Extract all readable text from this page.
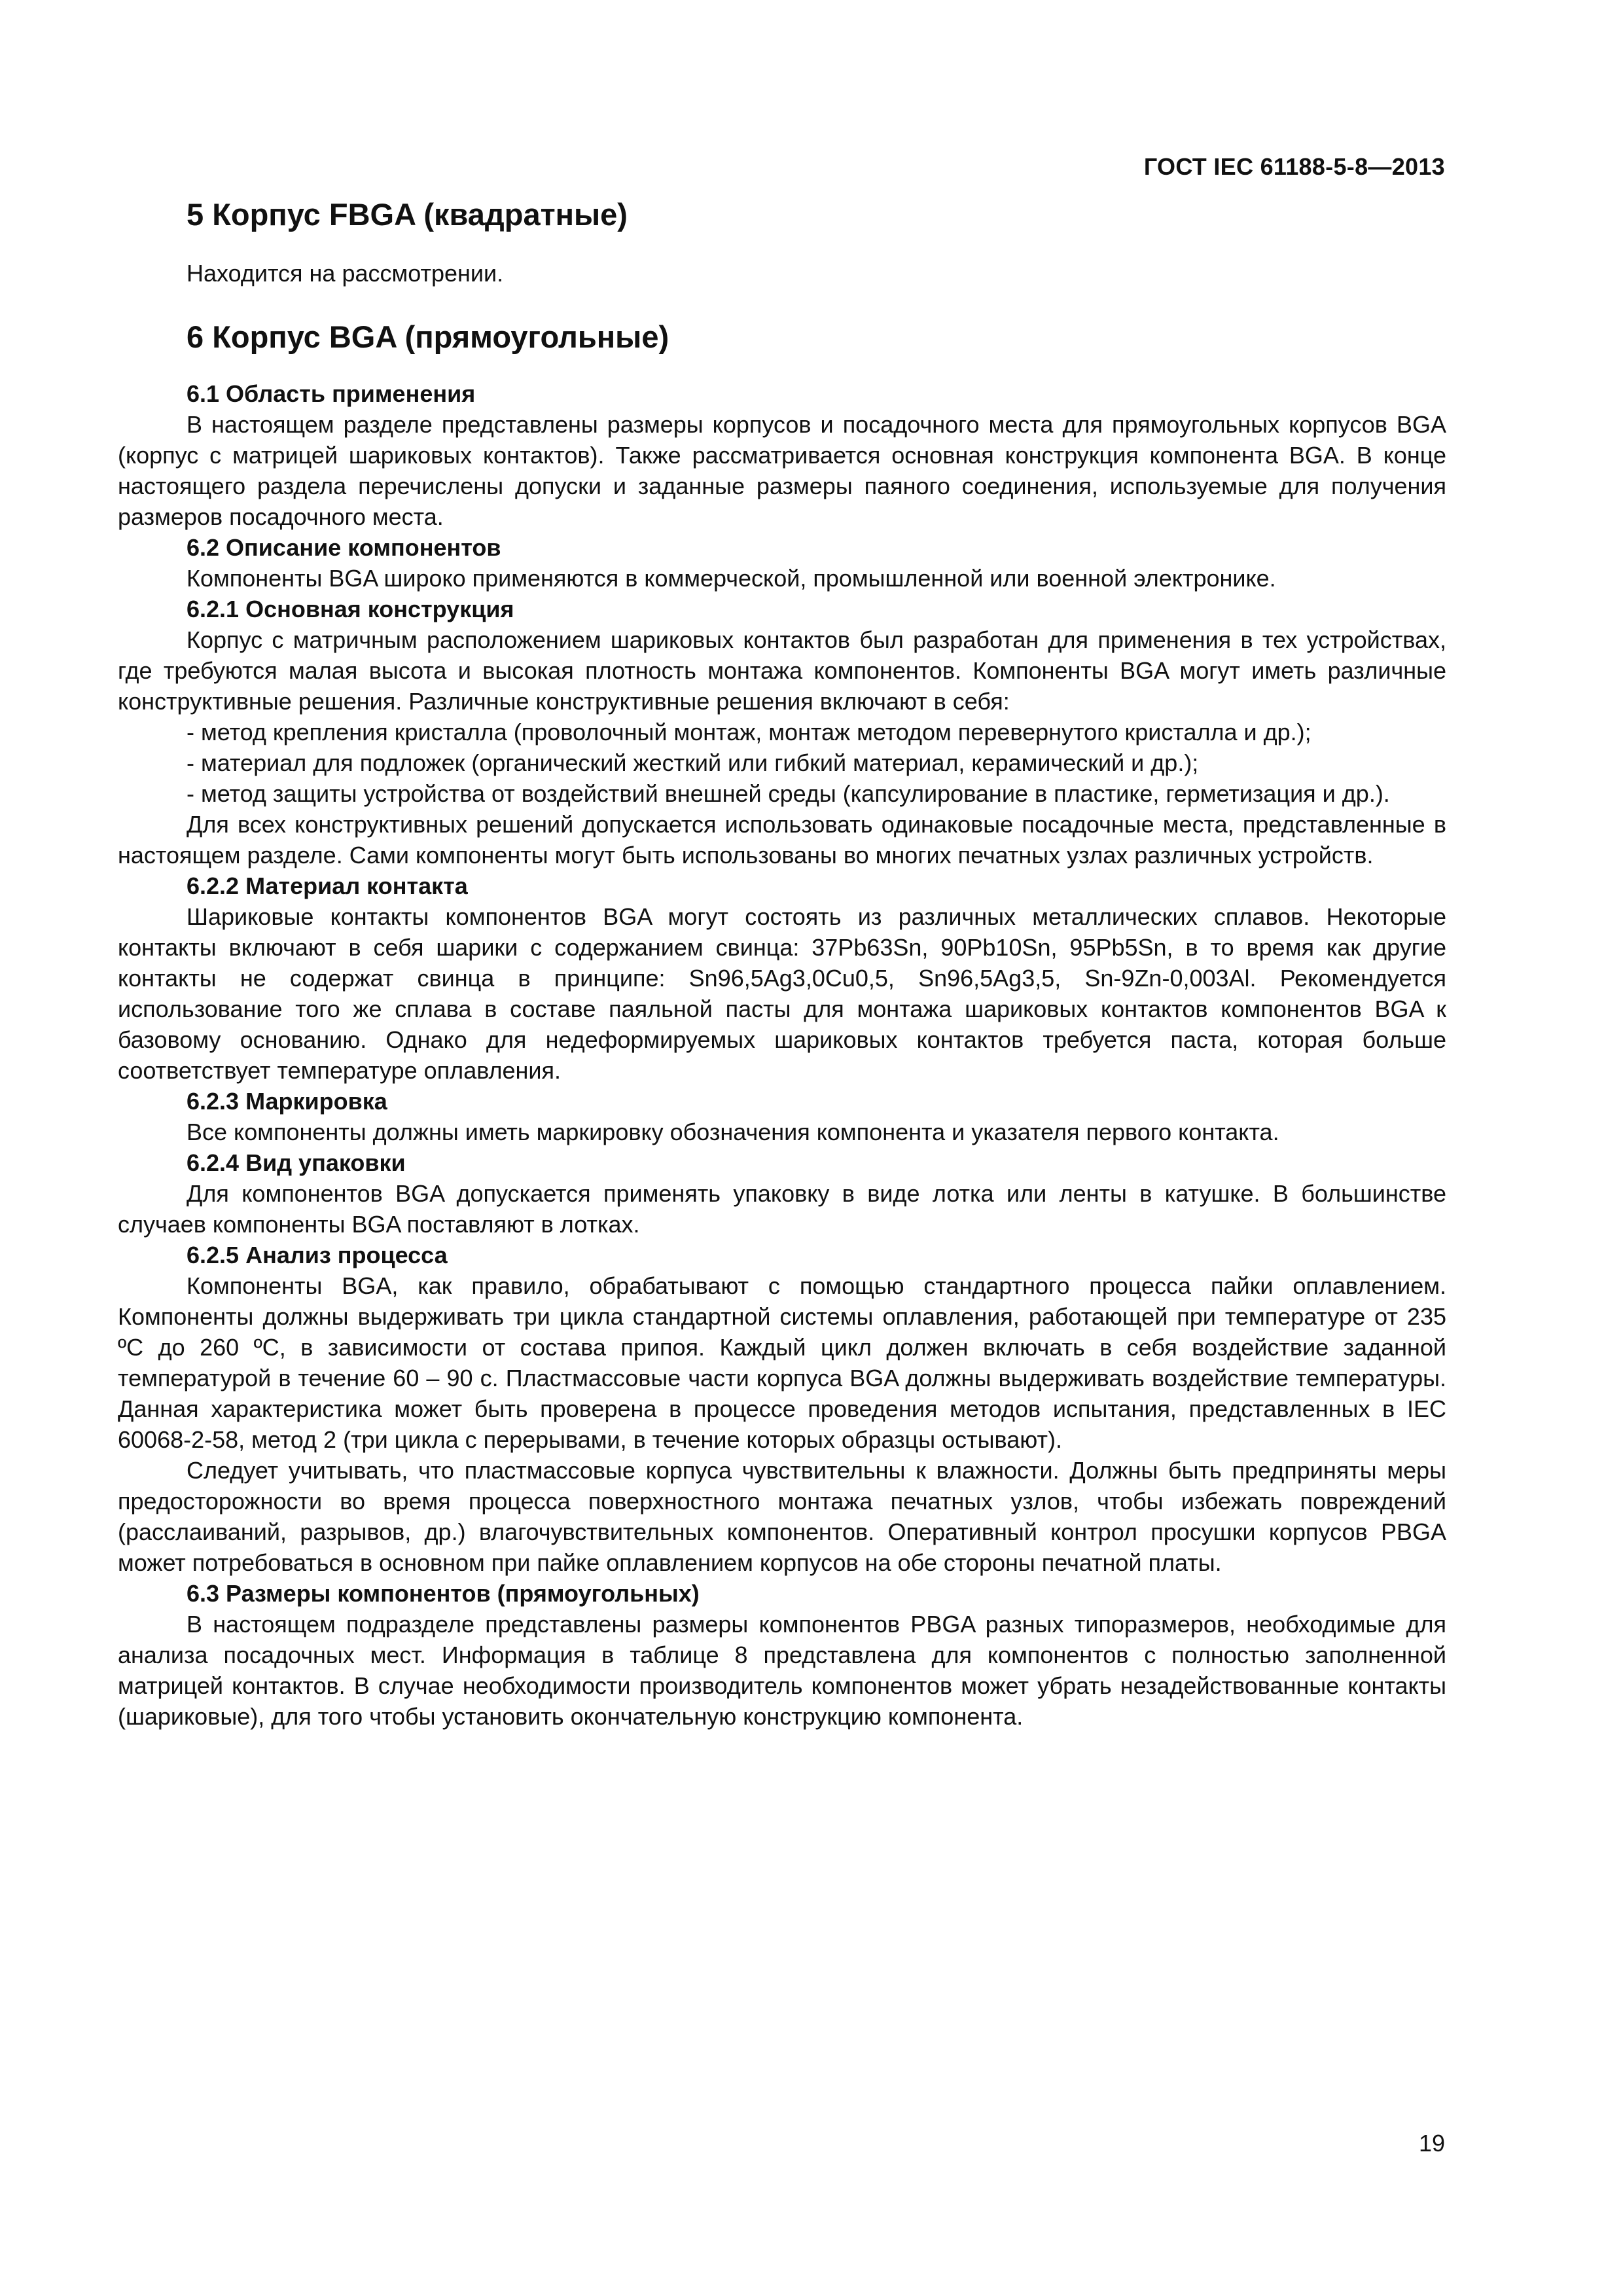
ГОСТ IEC 61188-5-8—2013
5 Корпус FBGA (квадратные)

Находится на рассмотрении.

6 Корпус BGA (прямоугольные)
6.1 Область применения

В настоящем разделе представлены размеры корпусов и посадочного места для прямоугольных корпусов BGA (корпус с матрицей шариковых контактов). Также рассматривается основная конструкция компонента BGA. В конце настоящего раздела перечислены допуски и заданные размеры паяного соединения, используемые для получения размеров посадочного места.

6.2 Описание компонентов

Компоненты BGA широко применяются в коммерческой, промышленной или военной электронике.

6.2.1 Основная конструкция

Корпус с матричным расположением шариковых контактов был разработан для применения в тех устройствах, где требуются малая высота и высокая плотность монтажа компонентов. Компоненты BGA могут иметь различные конструктивные решения. Различные конструктивные решения включают в себя:

- метод крепления кристалла (проволочный монтаж, монтаж методом перевернутого кристалла и др.);

- материал для подложек (органический жесткий или гибкий материал, керамический и др.);

- метод защиты устройства от воздействий внешней среды (капсулирование в пластике, герметизация и др.).

Для всех конструктивных решений допускается использовать одинаковые посадочные места, представленные в настоящем разделе. Сами компоненты могут быть использованы во многих печатных узлах различных устройств.

6.2.2 Материал контакта

Шариковые контакты компонентов BGA могут состоять из различных металлических сплавов. Некоторые контакты включают в себя шарики с содержанием свинца: 37Pb63Sn, 90Pb10Sn, 95Pb5Sn, в то время как другие контакты не содержат свинца в принципе: Sn96,5Ag3,0Cu0,5, Sn96,5Ag3,5, Sn-9Zn-0,003Al. Рекомендуется использование того же сплава в составе паяльной пасты для монтажа шариковых контактов компонентов BGA к базовому основанию. Однако для недеформируемых шариковых контактов требуется паста, которая больше соответствует температуре оплавления.

6.2.3 Маркировка

Все компоненты должны иметь маркировку обозначения компонента и указателя первого контакта.

6.2.4 Вид упаковки

Для компонентов BGA допускается применять упаковку в виде лотка или ленты в катушке. В большинстве случаев компоненты BGA поставляют в лотках.

6.2.5 Анализ процесса

Компоненты BGA, как правило, обрабатывают с помощью стандартного процесса пайки оплавлением. Компоненты должны выдерживать три цикла стандартной системы оплавления, работающей при температуре от 235 ºC до 260 ºC, в зависимости от состава припоя. Каждый цикл должен включать в себя воздействие заданной температурой в течение 60 – 90 с. Пластмассовые части корпуса BGA должны выдерживать воздействие температуры. Данная характеристика может быть проверена в процессе проведения методов испытания, представленных в IEC 60068-2-58, метод 2 (три цикла с перерывами, в течение которых образцы остывают).

Следует учитывать, что пластмассовые корпуса чувствительны к влажности. Должны быть предприняты меры предосторожности во время процесса поверхностного монтажа печатных узлов, чтобы избежать повреждений (расслаиваний, разрывов, др.) влагочувствительных компонентов. Оперативный контрол просушки корпусов PBGA может потребоваться в основном при пайке оплавлением корпусов на обе стороны печатной платы.

6.3 Размеры компонентов (прямоугольных)

В настоящем подразделе представлены размеры компонентов PBGA разных типоразмеров, необходимые для анализа посадочных мест. Информация в таблице 8 представлена для компонентов с полностью заполненной матрицей контактов. В случае необходимости производитель компонентов может убрать незадействованные контакты (шариковые), для того чтобы установить окончательную конструкцию компонента.

19
